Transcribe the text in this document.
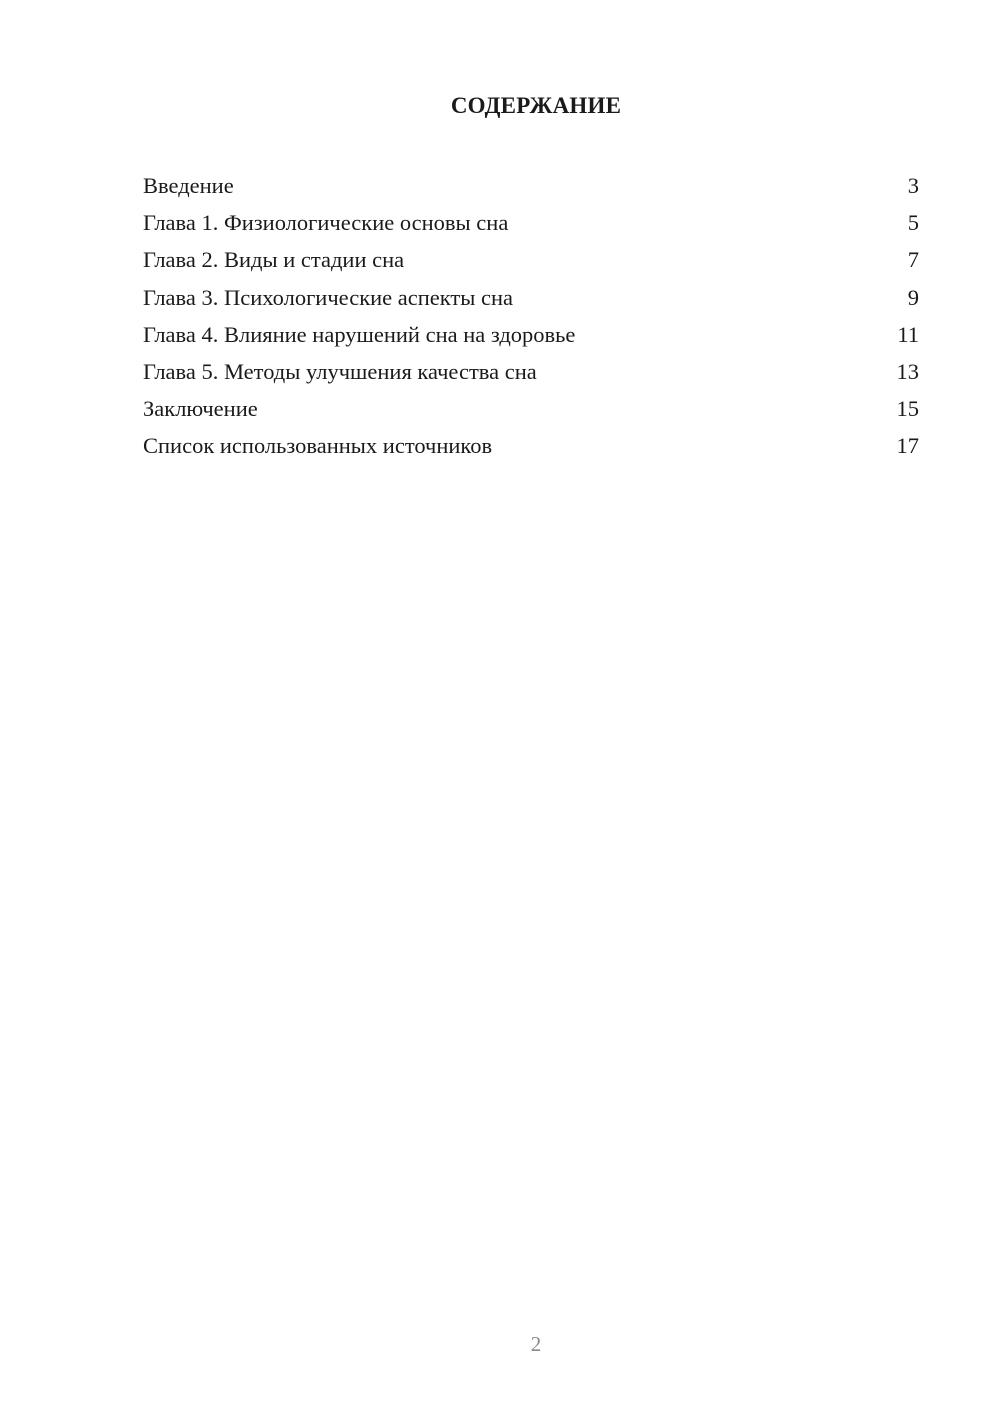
СОДЕРЖАНИЕ
Введение	3
Глава 1. Физиологические основы сна	5
Глава 2. Виды и стадии сна	7
Глава 3. Психологические аспекты сна	9
Глава 4. Влияние нарушений сна на здоровье	11
Глава 5. Методы улучшения качества сна	13
Заключение	15
Список использованных источников	17
2
